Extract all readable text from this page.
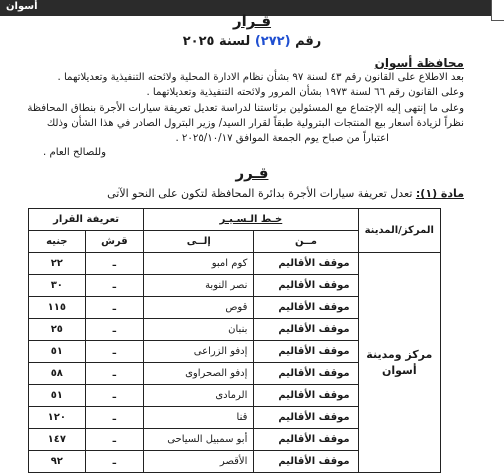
أسوان
قـرار
رقم (٢٧٢) لسنة ٢٠٢٥
محافظة أسوان
بعد الاطلاع على القانون رقم ٤٣ لسنة ٩٧ بشأن نظام الادارة المحلية ولائحته التنفيذية وتعديلاتهما .
وعلى القانون رقم ٦٦ لسنة ١٩٧٣ بشأن المرور ولائحته التنفيذية وتعديلاتهما .
وعلى ما إنتهى إليه الإجتماع مع المسئولين برئاستنا لدراسة تعديل تعريفة سيارات الأجرة بنطاق المحافظة
نظراً لزيادة أسعار بيع المنتجات البترولية طبقاً لقرار السيد/ وزير البترول الصادر في هذا الشأن وذلك
اعتباراً من صباح يوم الجمعة الموافق ٢٠٢٥/١٠/١٧ .
وللصالح العام .
قـرر
مادة (١): تعدل تعريفة سيارات الأجرة بدائرة المحافظة لتكون على النحو الآتى
المركز/المدينة	خـط الـسـيـر		تعريفة القرار	
	مــن	إلــى	قرش	جنيه
مركز ومدينة أسوان	موقف الأقاليم	كوم امبو	ـ	٢٢
	موقف الأقاليم	نصر النوبة	ـ	٣٠
	موقف الأقاليم	قوص	ـ	١١٥
	موقف الأقاليم	بنبان	ـ	٢٥
	موقف الأقاليم	إدفو الزراعى	ـ	٥١
	موقف الأقاليم	إدفو الصحراوى	ـ	٥٨
	موقف الأقاليم	الرمادى	ـ	٥١
	موقف الأقاليم	قنا	ـ	١٢٠
	موقف الأقاليم	أبو سمبيل السياحى	ـ	١٤٧
	موقف الأقاليم	الأقصر	ـ	٩٢
